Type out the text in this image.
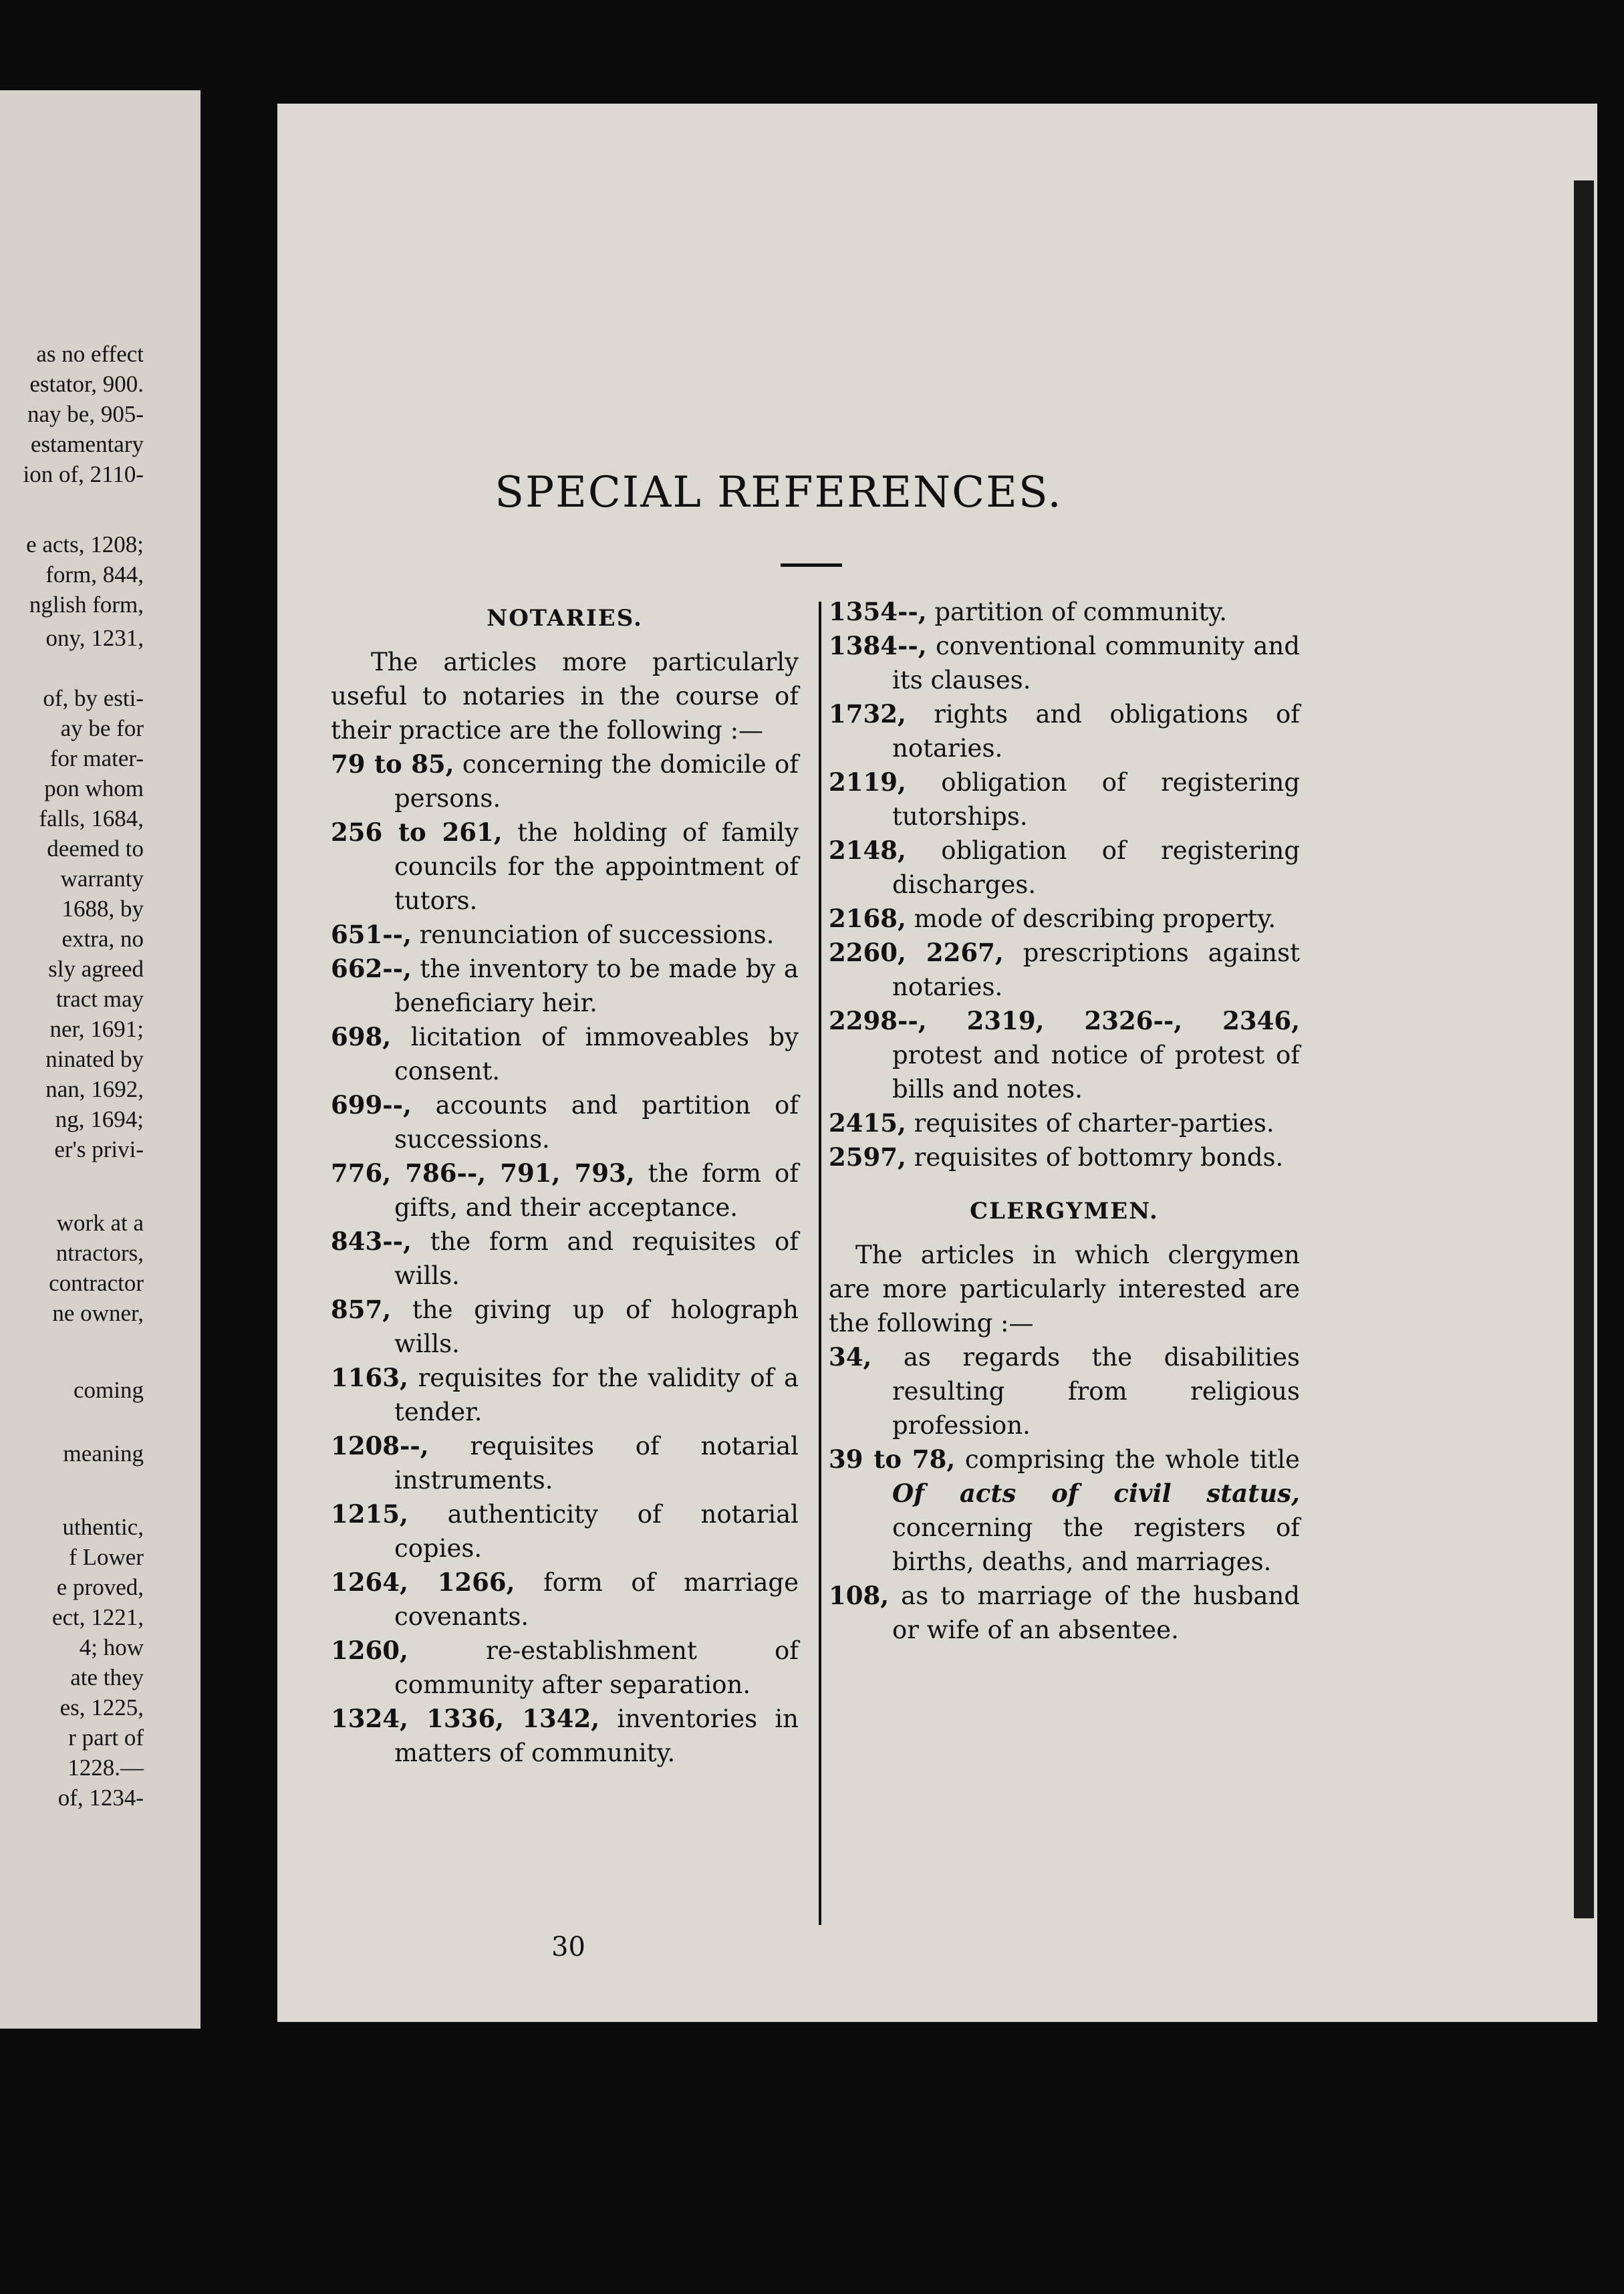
as no effect
estator, 900.
nay be, 905-
estamentary
ion of, 2110-
e acts, 1208;
form, 844,
nglish form,
ony, 1231,
of, by esti-
ay be for
for mater-
pon whom
falls, 1684,
deemed to
warranty
1688, by
extra, no
sly agreed
tract may
ner, 1691;
ninated by
nan, 1692,
ng, 1694;
er's privi-
work at a
ntractors,
contractor
ne owner,
coming
meaning
uthentic,
f Lower
e proved,
ect, 1221,
4; how
ate they
es, 1225,
r part of
1228.—
of, 1234-
SPECIAL REFERENCES.
NOTARIES.
The articles more particularly useful to notaries in the course of their practice are the following :—
79 to 85, concerning the domicile of persons.
256 to 261, the holding of family councils for the appointment of tutors.
651--, renunciation of successions.
662--, the inventory to be made by a beneficiary heir.
698, licitation of immoveables by consent.
699--, accounts and partition of successions.
776, 786--, 791, 793, the form of gifts, and their acceptance.
843--, the form and requisites of wills.
857, the giving up of holograph wills.
1163, requisites for the validity of a tender.
1208--, requisites of notarial instruments.
1215, authenticity of notarial copies.
1264, 1266, form of marriage covenants.
1260,	re-establishment of community after separation.
1324, 1336, 1342, inventories in matters of community.
1354--, partition of community.
1384--, conventional community and its clauses.
1732, rights and obligations of notaries.
2119, obligation of registering tutorships.
2148, obligation of registering discharges.
2168, mode of describing property.
2260, 2267, prescriptions against notaries.
2298--, 2319, 2326--, 2346, protest and notice of protest of bills and notes.
2415, requisites of charter-parties.
2597, requisites of bottomry bonds.
CLERGYMEN.
The articles in which clergymen are more particularly interested are the following :—
34, as regards the disabilities resulting from religious profession.
39 to 78, comprising the whole title Of acts of civil status, concerning the registers of births, deaths, and marriages.
108, as to marriage of the husband or wife of an absentee.
30
